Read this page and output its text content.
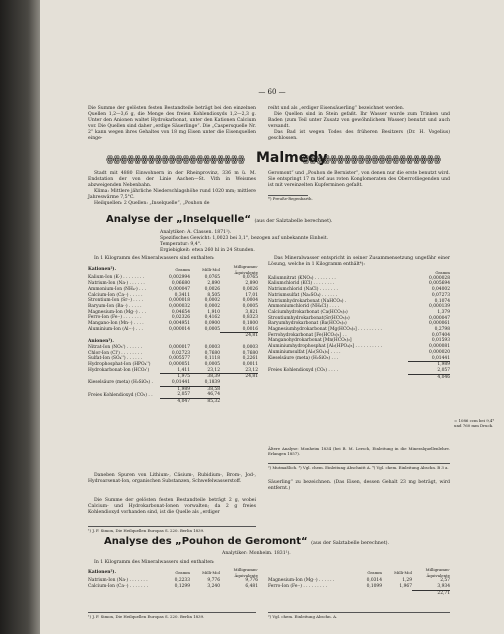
— 60 —

Die Summe der gelösten festen Bestandteile beträgt bei den einzelnen Quellen 1,2—3,6 g, die Menge des freien Kohlendioxyds 1,2—2,3 g. Unter den Anionen waltet Hydrokarbonat, unter den Kationen Calcium vor. Die Quellen sind daher „erdige Säuerlinge“. Die „Caspersquelle Nr. 2“ kann wegen ihres Gehaltes von 18 mg Eisen unter die Eisenquellen einge-

reiht und als „erdiger Eisensäuerling“ bezeichnet werden.

Die Quellen sind in Stein gefaßt. Ihr Wasser wurde zum Trinken und Baden (zum Teil unter Zusatz von gewöhnlichem Wasser) benutzt und auch versandt.

Das Bad ist wegen Todes des früheren Besitzers (Dr. H. Vogelius) geschlossen.

ꙮꙮꙮꙮꙮꙮꙮꙮꙮꙮꙮꙮꙮꙮꙮꙮꙮꙮꙮꙮ Malmedy
ꙮꙮꙮꙮꙮꙮꙮꙮꙮꙮꙮꙮꙮꙮꙮꙮꙮꙮꙮꙮ

Stadt mit 4880 Einwohnern in der Rheinprovinz, 336 m ü. M. Endstation der von der Linie Aachen—St. Vith in Weismes abzweigenden Nebenbahn.

Klima: Mittlere jährliche Niederschlagshöhe rund 1020 mm; mittlere Jahreswärme 7,5°C.

Heilquellen: 2 Quellen: „Inselquelle“, „Pouhon de

Geromont“ und „Pouhon de Bernister“, von denen nur die erste benutzt wird. Sie entspringt 17 m tief aus roten Konglomeraten des Oberrotliegenden und ist mit vereinzelten Kupferminen gefaßt.

*) Preuße-Regenbarth.

Analyse der „Inselquelle“ (aus der Salztabelle berechnet).

Analytiker: A. Classen. 1871¹).

Spezifisches Gewicht: 1,0023 bei 3,1°, bezogen auf unbekannte Einheit.

Temperatur: 9,4°.

Ergiebigkeit: etwa 260 hl in 24 Stunden.

In 1 Kilogramm des Mineralwassers sind enthalten:
Kationen²).	Gramm	Milli-Mol	Milligramm-Äquivalente
Kalium-Ion (K·) . . . . . . . .	0,002994	0,0765	0,0765
Natrium-Ion (Na·) . . . . . .	0,06680	2,890	2,890
Ammonium-Ion (NH₄·) . . .	0,000047	0,0026	0,0026
Calcium-Ion (Ca··) . . . . .	0,3411	8,505	17,01
Strontium-Ion (Sr··) . . . .	0,000018	0,0002	0,0004
Baryum-Ion (Ba··) . . . . .	0,000032	0,0002	0,0005
Magnesium-Ion (Mg··) . . .	0,04654	1,910	3,821
Ferro-Ion (Fe··) . . . . . . .	0,02326	0,4162	0,8323
Mangano-Ion (Mn··) . . . .	0,004951	0,0900	0,1800
Aluminium-Ion (Al···) . . .	0,000014	0,0005	0,0016
			24,81
Anionen³).			
Nitrat-Ion (NO₃') . . . . . .	0,000017	0,0003	0,0003
Chlor-Ion (Cl') . . . . . . . .	0,02723	0,7680	0,7680
Sulfat-Ion (SO₄'') . . . . . .	0,005577	0,1118	0,2261
Hydrophosphat-Ion (HPO₄'')	0,000051	0,0005	0,0011
Hydrokarbonat-Ion (HCO₃')	1,411	23,12	23,12
	1,975	38,39	24,81
Kieselsäure (meta) (H₂SiO₃) .	0,01441	0,1839	
	1,989	38,58	
Freies Kohlendioxyd (CO₂) . .	2,057	46,74	
	4,047	85,32	

Daneben Spuren von Lithium-, Cäsium-, Rubidium-, Brom-, Jod-, Hydroarsenat-Ion, organischen Substanzen, Schwefelwasserstoff.

Die Summe der gelösten festen Bestandteile beträgt 2 g, wobei Calcium- und Hydrokarbonat-Ionen vorwalten; da 2 g freies Kohlendioxyd vorhanden sind, ist die Quelle als „erdiger

¹) J. F. Simon, Die Heilquellen Europas S. 220. Berlin 1839.

Das Mineralwasser entspricht in seiner Zusammensetzung ungefähr einer Lösung, welche in 1 Kilogramm enthält⁴):

	Gramm
Kaliumnitrat (KNO₃) . . . . . . . .	0,000028
Kaliumchlorid (KCl) . . . . . . . .	0,005694
Natriumchlorid (NaCl) . . . . . . .	0,04002
Natriumsulfat (Na₂SO₄) . . . . . .	0,07273
Natriumhydrokarbonat (NaHCO₃) .	0,1074
Ammoniumchlorid (NH₄Cl) . . . .	0,000139
Calciumhydrokarbonat (Ca(HCO₃)₂)	1,379
Strontiumhydrokarbonat(Sr(HCO₃)₂)	0,000047
Baryumhydrokarbonat (Ba(HCO₃)₂)	0,000061
Magnesiumhydrokarbonat [Mg(HCO₃)₂] . . . . . . . . .	0,2798
Ferrohydrokarbonat [Fe(HCO₃)₂] . .	0,07404
Manganohydrokarbonat [Mn(HCO₃)₂]	0,01593
Aluminiumhydrophosphat [Al₂(HPO₄)₃] . . . . . . . . . .	0,000081
Aluminiumsulfat [Al₂(SO₄)₃] . . . .	0,000020
Kieselsäure (meta) (H₂SiO₃) . . .	0,01441
	1,989
Freies Kohlendioxyd (CO₂) . . . .	2,057
	4,046
= 1086 ccm bei 9,4° und 760 mm Druck.

Ältere Analyse: Monheim 1834 (bei B. M. Lersch, Einleitung in die Mineralquellenlehre. Erlangen 1857).

²) Mutmaßlich. ³) Vgl. chem. Einleitung Abschnitt A. ⁴) Vgl. chem. Einleitung Abschn. B 3 a.

Säuerling“ zu bezeichnen. (Das Eisen, dessen Gehalt 23 mg beträgt, wird entfernt.)

Analyse des „Pouhon de Geromont“ (aus der Salztabelle berechnet).
Analytiker: Monheim. 1831¹).
In 1 Kilogramm des Mineralwassers sind enthalten:
Kationen²).	Gramm	Milli-Mol	Milligramm-Äquivalente
Natrium-Ion (Na·) . . . . . . .	0,2233	9,776	9,776
Calcium-Ion (Ca··) . . . . . . .	0,1299	3,240	6,481
	Gramm	Milli-Mol	Milligramm-Äquivalente
Magnesium-Ion (Mg··) . . . . . .	0,0314	1,29	2,57
Ferro-Ion (Fe··) . . . . . . . . .	0,1099	1,967	3,934
			22,71
¹) J. F. Simon, Die Heilquellen Europas S. 220. Berlin 1839.	²) Vgl. chem. Einleitung Abschn. A.
